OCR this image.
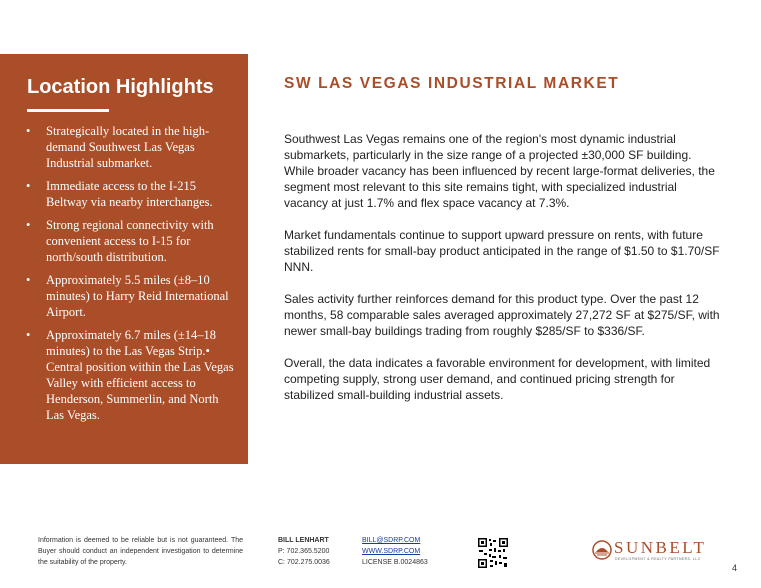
Location Highlights
• Strategically located in the high-demand Southwest Las Vegas Industrial submarket.
• Immediate access to the I-215 Beltway via nearby interchanges.
• Strong regional connectivity with convenient access to I-15 for north/south distribution.
• Approximately 5.5 miles (±8–10 minutes) to Harry Reid International Airport.
• Approximately 6.7 miles (±14–18 minutes) to the Las Vegas Strip.• Central position within the Las Vegas Valley with efficient access to Henderson, Summerlin, and North Las Vegas.
SW LAS VEGAS INDUSTRIAL MARKET

Southwest Las Vegas remains one of the region's most dynamic industrial submarkets, particularly in the size range of a projected ±30,000 SF building. While broader vacancy has been influenced by recent large-format deliveries, the segment most relevant to this site remains tight, with specialized industrial vacancy at just 1.7% and flex space vacancy at 7.3%.

Market fundamentals continue to support upward pressure on rents, with future stabilized rents for small-bay product anticipated in the range of $1.50 to $1.70/SF NNN.

Sales activity further reinforces demand for this product type. Over the past 12 months, 58 comparable sales averaged approximately 27,272 SF at $275/SF, with newer small-bay buildings trading from roughly $285/SF to $336/SF.

Overall, the data indicates a favorable environment for development, with limited competing supply, strong user demand, and continued pricing strength for stabilized small-building industrial assets.

Information is deemed to be reliable but is not guaranteed. The Buyer should conduct an independent investigation to determine the suitability of the property.
BILL LENHART
P: 702.365.5200
C: 702.275.0036
BILL@SDRP.COM
WWW.SDRP.COM
LICENSE B.0024863
SUNBELT
DEVELOPMENT & REALTY PARTNERS, LLC
4
